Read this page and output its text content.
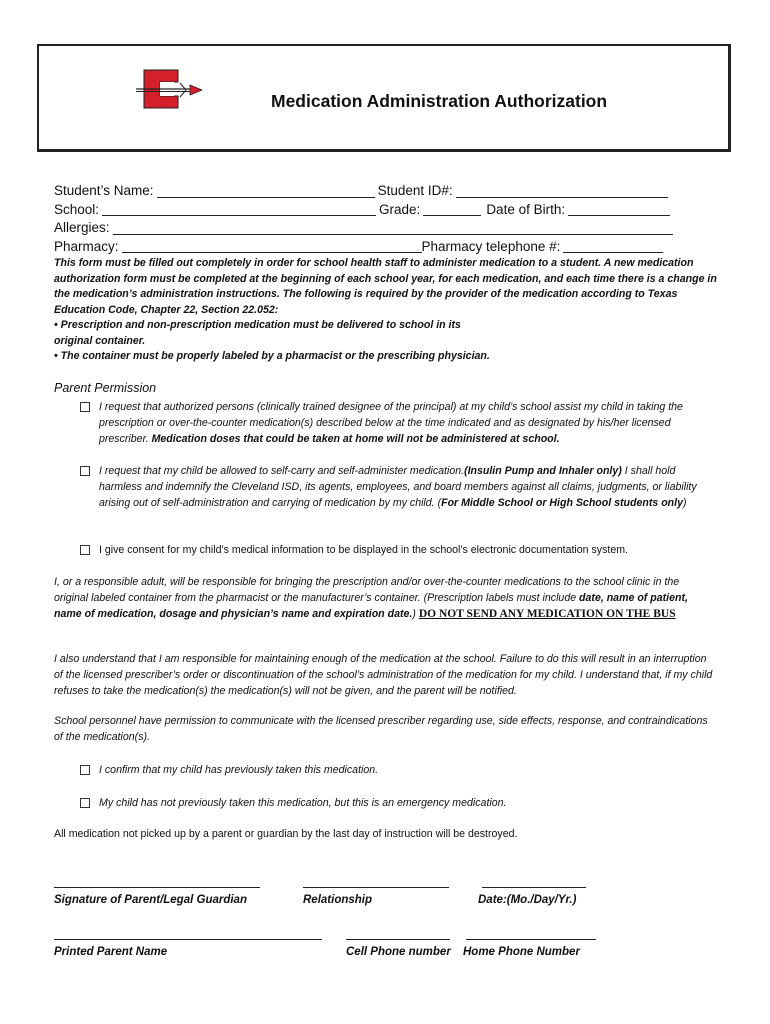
Medication Administration Authorization
Student’s Name:	Student ID#:
School:	Grade:	Date of Birth:
Allergies:
Pharmacy:	Pharmacy telephone #:

This form must be filled out completely in order for school health staff to administer medication to a student. A new medication authorization form must be completed at the beginning of each school year, for each medication, and each time there is a change in the medication’s administration instructions. The following is required by the provider of the medication according to Texas Education Code, Chapter 22, Section 22.052:

• Prescription and non-prescription medication must be delivered to school in its original container.

• The container must be properly labeled by a pharmacist or the prescribing physician.

Parent Permission
I request that authorized persons (clinically trained designee of the principal) at my child’s school assist my child in taking the prescription or over-the-counter medication(s) described below at the time indicated and as designated by his/her licensed prescriber. Medication doses that could be taken at home will not be administered at school.
I request that my child be allowed to self-carry and self-administer medication.(Insulin Pump and Inhaler only) I shall hold harmless and indemnify the Cleveland ISD, its agents, employees, and board members against all claims, judgments, or liability arising out of self-administration and carrying of medication by my child. (For Middle School or High School students only)
I give consent for my child’s medical information to be displayed in the school’s electronic documentation system.
I, or a responsible adult, will be responsible for bringing the prescription and/or over-the-counter medications to the school clinic in the original labeled container from the pharmacist or the manufacturer’s container. (Prescription labels must include date, name of patient, name of medication, dosage and physician’s name and expiration date.) DO NOT SEND ANY MEDICATION ON THE BUS
I also understand that I am responsible for maintaining enough of the medication at the school. Failure to do this will result in an interruption of the licensed prescriber’s order or discontinuation of the school’s administration of the medication for my child. I understand that, if my child refuses to take the medication(s) the medication(s) will not be given, and the parent will be notified.
School personnel have permission to communicate with the licensed prescriber regarding use, side effects, response, and contraindications of the medication(s).
I confirm that my child has previously taken this medication.
My child has not previously taken this medication, but this is an emergency medication.
All medication not picked up by a parent or guardian by the last day of instruction will be destroyed.
Signature of Parent/Legal Guardian	Relationship	Date:(Mo./Day/Yr.)
Printed Parent Name	Cell Phone number Home Phone Number
